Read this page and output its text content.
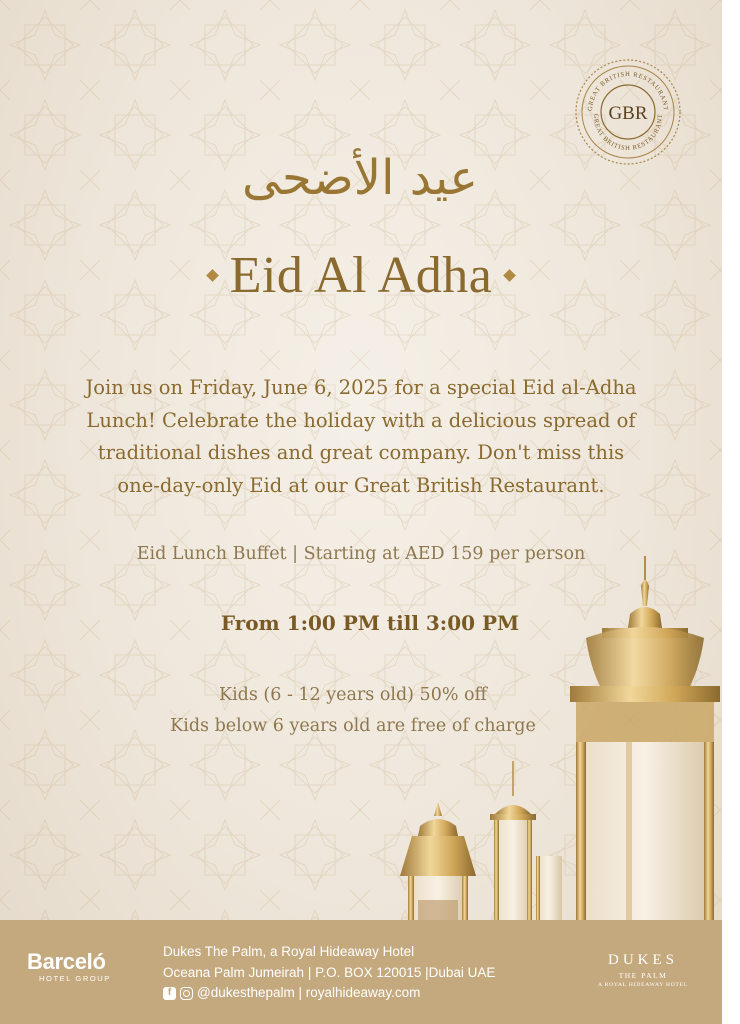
GREAT BRITISH RESTAURANT
GREAT BRITISH RESTAURANT
GBR
عيد الأضحى
Eid Al Adha
Join us on Friday, June 6, 2025 for a special Eid al-Adha
Lunch! Celebrate the holiday with a delicious spread of
traditional dishes and great company. Don't miss this
one-day-only Eid at our Great British Restaurant.
Eid Lunch Buffet | Starting at AED 159 per person
From 1:00 PM till 3:00 PM
Kids (6 - 12 years old) 50% off
Kids below 6 years old are free of charge
Barceló
HOTEL GROUP
Dukes The Palm, a Royal Hideaway Hotel
Oceana Palm Jumeirah | P.O. BOX 120015 |Dubai UAE
f	@dukesthepalm | royalhideaway.com
DUKES
THE PALM
A ROYAL HIDEAWAY HOTEL
